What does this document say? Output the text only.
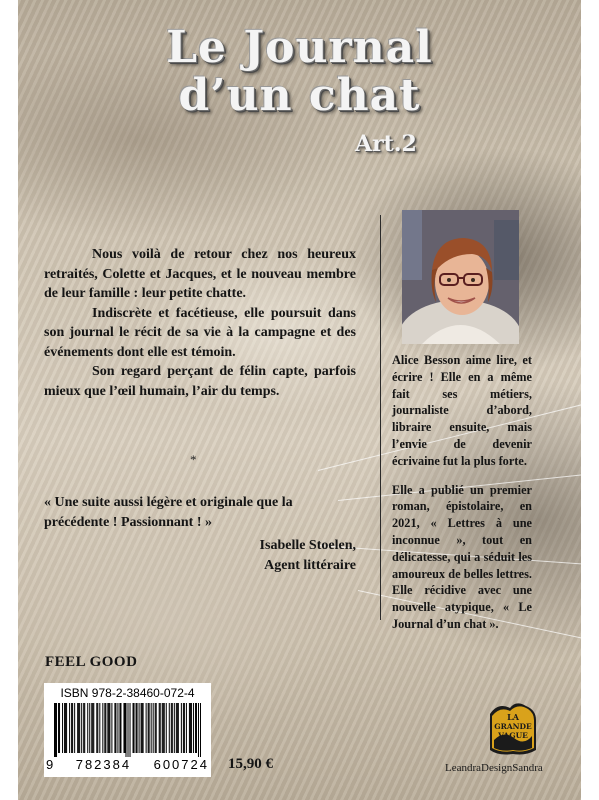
Le Journal
d’un chat
Art.2

Nous voilà de retour chez nos heureux retraités, Colette et Jacques, et le nouveau membre de leur famille : leur petite chatte.

Indiscrète et facétieuse, elle poursuit dans son journal le récit de sa vie à la campagne et des événements dont elle est témoin.

Son regard perçant de félin capte, parfois mieux que l’œil humain, l’air du temps.

*
« Une suite aussi légère et originale que la précédente ! Passionnant ! »
Isabelle Stoelen,
Agent littéraire

Alice Besson aime lire, et écrire ! Elle en a même fait ses métiers, journaliste d’abord, libraire ensuite, mais l’envie de devenir écrivaine fut la plus forte.

Elle a publié un premier roman, épistolaire, en 2021, « Lettres à une inconnue », tout en délicatesse, qui a séduit les amoureux de belles lettres. Elle récidive avec une nouvelle atypique, « Le Journal d’un chat ».

FEEL GOOD
ISBN 978-2-38460-072-4
9 782384 600724 15,90 €
LA
GRANDE
VAGUE
LeandraDesignSandra
